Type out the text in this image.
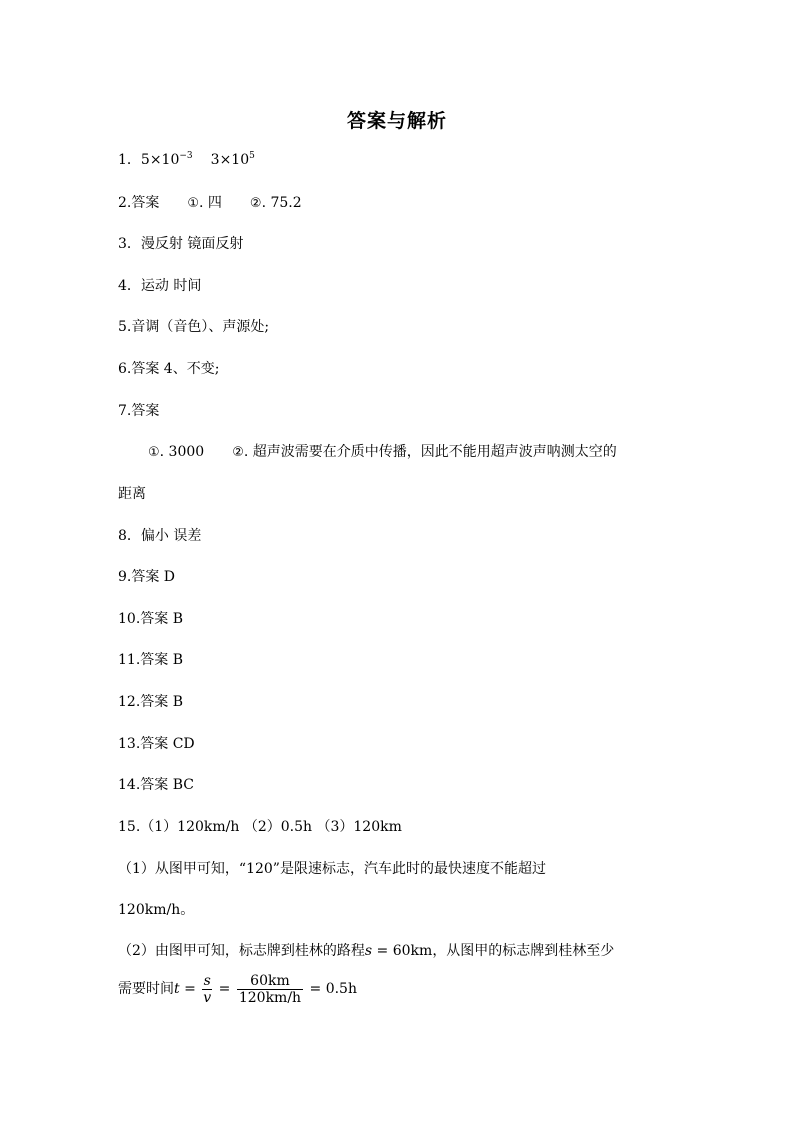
答案与解析
1．$5\times 10^{-3}$ $3\times 10^5$
2.答案 ①. 四 ②. 75.2
3．漫反射 镜面反射
4．运动 时间
5.音调（音色）、声源处;
6.答案 4、不变;
7.答案
①. 3000 ②. 超声波需要在介质中传播，因此不能用超声波声呐测太空的
距离
8．偏小 误差
9.答案 D
10.答案 B
11.答案 B
12.答案 B
13.答案 CD
14.答案 BC
15.（1）120km/h （2）0.5h （3）120km
（1）从图甲可知，“120”是限速标志，汽车此时的最快速度不能超过
120km/h。
（2）由图甲可知，标志牌到桂林的路程s = 60km，从图甲的标志牌到桂林至少
需要时间$t = \frac{s}{v} = \frac{60km}{120km/h} = 0.5h$
